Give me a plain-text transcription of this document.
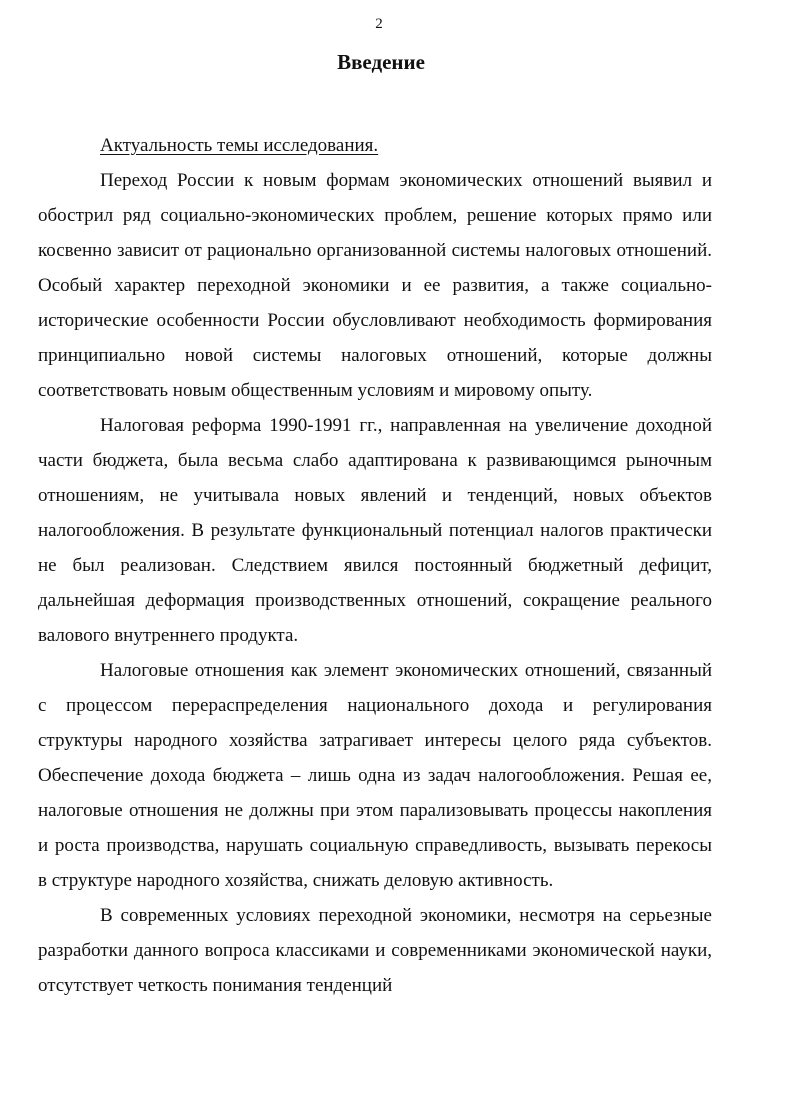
2
Введение

Актуальность темы исследования.

Переход России к новым формам экономических отношений выявил и обострил ряд социально-экономических проблем, решение которых прямо или косвенно зависит от рационально организованной системы налоговых отношений. Особый характер переходной экономики и ее развития, а также социально-исторические особенности России обусловливают необходимость формирования принципиально новой системы налоговых отношений, которые должны соответствовать новым общественным условиям и мировому опыту.

Налоговая реформа 1990-1991 гг., направленная на увеличение доходной части бюджета, была весьма слабо адаптирована к развивающимся рыночным отношениям, не учитывала новых явлений и тенденций, новых объектов налогообложения. В результате функциональный потенциал налогов практически не был реализован. Следствием явился постоянный бюджетный дефицит, дальнейшая деформация производственных отношений, сокращение реального валового внутреннего продукта.

Налоговые отношения как элемент экономических отношений, связанный с процессом перераспределения национального дохода и регулирования структуры народного хозяйства затрагивает интересы целого ряда субъектов. Обеспечение дохода бюджета – лишь одна из задач налогообложения. Решая ее, налоговые отношения не должны при этом парализовывать процессы накопления и роста производства, нарушать социальную справедливость, вызывать перекосы в структуре народного хозяйства, снижать деловую активность.

В современных условиях переходной экономики, несмотря на серьезные разработки данного вопроса классиками и современниками экономической науки, отсутствует четкость понимания тенденций
